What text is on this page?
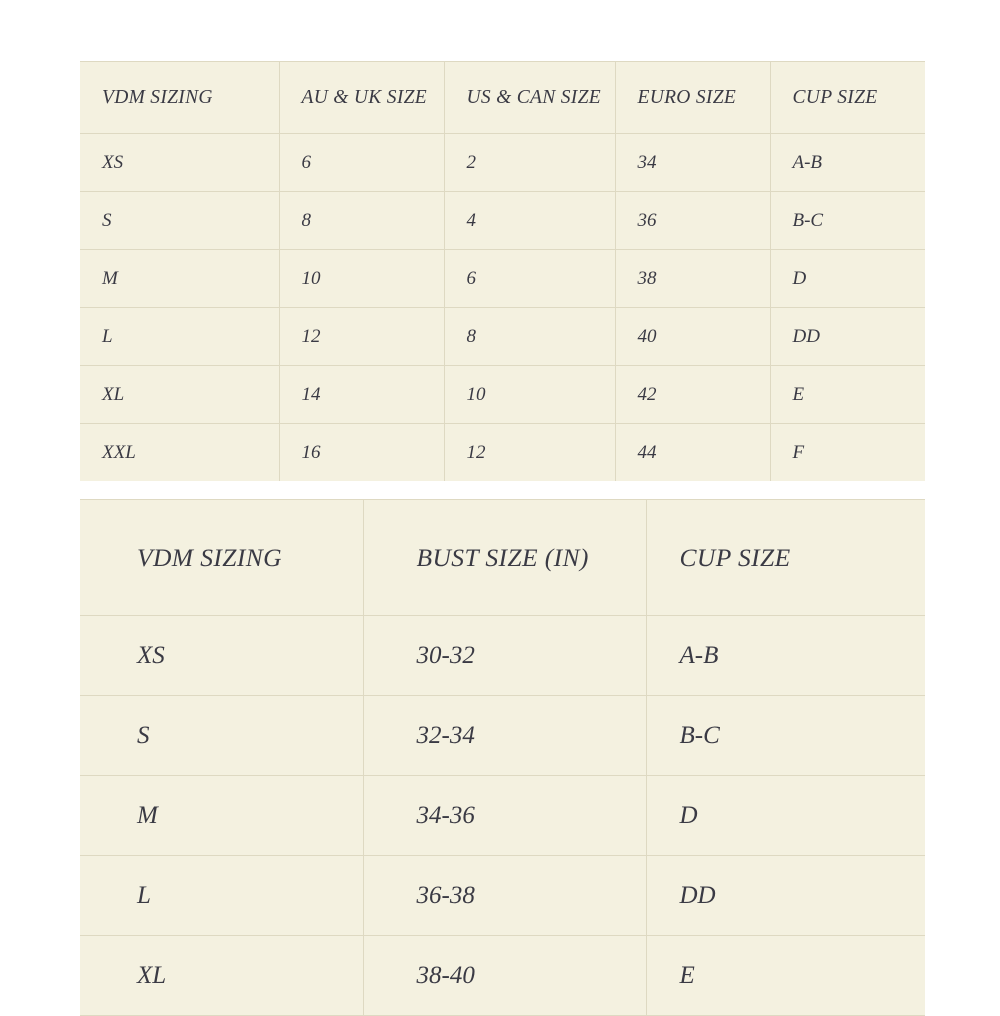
VDM SIZING	AU & UK SIZE	US & CAN SIZE	EURO SIZE	CUP SIZE
XS	6	2	34	A-B
S	8	4	36	B-C
M	10	6	38	D
L	12	8	40	DD
XL	14	10	42	E
XXL	16	12	44	F
VDM SIZING	BUST SIZE (IN)	CUP SIZE
XS	30-32	A-B
S	32-34	B-C
M	34-36	D
L	36-38	DD
XL	38-40	E
